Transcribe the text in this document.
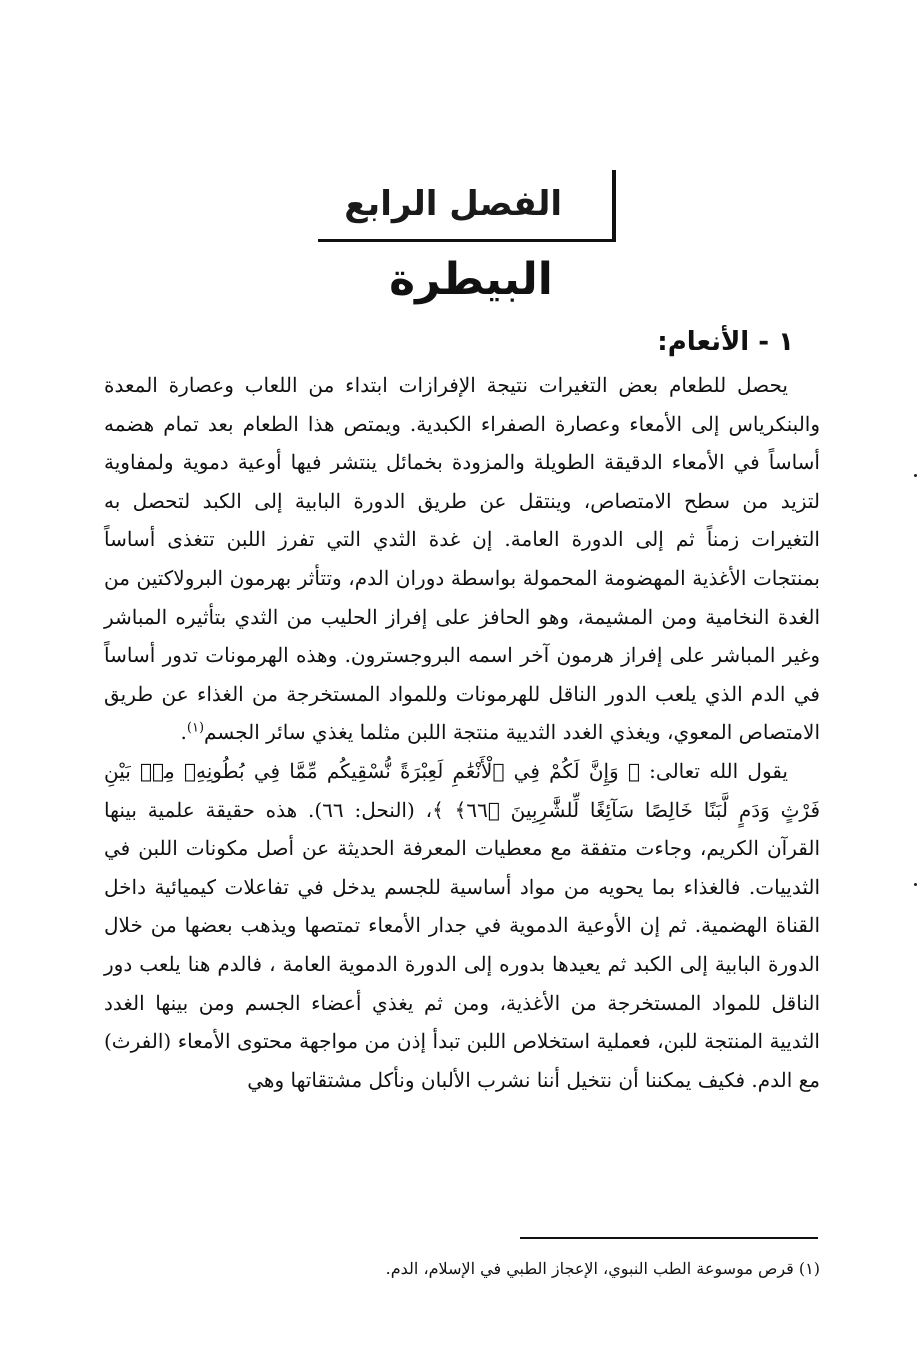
الفصل الرابع
البيطرة
١ - الأنعام:

يحصل للطعام بعض التغيرات نتيجة الإفرازات ابتداء من اللعاب وعصارة المعدة والبنكرياس إلى الأمعاء وعصارة الصفراء الكبدية. ويمتص هذا الطعام بعد تمام هضمه أساساً في الأمعاء الدقيقة الطويلة والمزودة بخمائل ينتشر فيها أوعية دموية ولمفاوية لتزيد من سطح الامتصاص، وينتقل عن طريق الدورة البابية إلى الكبد لتحصل به التغيرات زمناً ثم إلى الدورة العامة. إن غدة الثدي التي تفرز اللبن تتغذى أساساً بمنتجات الأغذية المهضومة المحمولة بواسطة دوران الدم، وتتأثر بهرمون البرولاكتين من الغدة النخامية ومن المشيمة، وهو الحافز على إفراز الحليب من الثدي بتأثيره المباشر وغير المباشر على إفراز هرمون آخر اسمه البروجسترون. وهذه الهرمونات تدور أساساً في الدم الذي يلعب الدور الناقل للهرمونات وللمواد المستخرجة من الغذاء عن طريق الامتصاص المعوي، ويغذي الغدد الثديية منتجة اللبن مثلما يغذي سائر الجسم$^{(١)}$.

يقول الله تعالى: ﴿ وَإِنَّ لَكُمْ فِي ٱلْأَنْعَٰمِ لَعِبْرَةً نُّسْقِيكُم مِّمَّا فِي بُطُونِهِۦ مِنۢ بَيْنِ فَرْثٍ وَدَمٍ لَّبَنًا خَالِصًا سَآئِغًا لِّلشَّٰرِبِينَ ﴿٦٦﴾ ﴾، (النحل: ٦٦). هذه حقيقة علمية بينها القرآن الكريم، وجاءت متفقة مع معطيات المعرفة الحديثة عن أصل مكونات اللبن في الثدييات. فالغذاء بما يحويه من مواد أساسية للجسم يدخل في تفاعلات كيميائية داخل القناة الهضمية. ثم إن الأوعية الدموية في جدار الأمعاء تمتصها ويذهب بعضها من خلال الدورة البابية إلى الكبد ثم يعيدها بدوره إلى الدورة الدموية العامة ، فالدم هنا يلعب دور الناقل للمواد المستخرجة من الأغذية، ومن ثم يغذي أعضاء الجسم ومن بينها الغدد الثديية المنتجة للبن، فعملية استخلاص اللبن تبدأ إذن من مواجهة محتوى الأمعاء (الفرث) مع الدم. فكيف يمكننا أن نتخيل أننا نشرب الألبان ونأكل مشتقاتها وهي

(١) قرص موسوعة الطب النبوي، الإعجاز الطبي في الإسلام، الدم.
